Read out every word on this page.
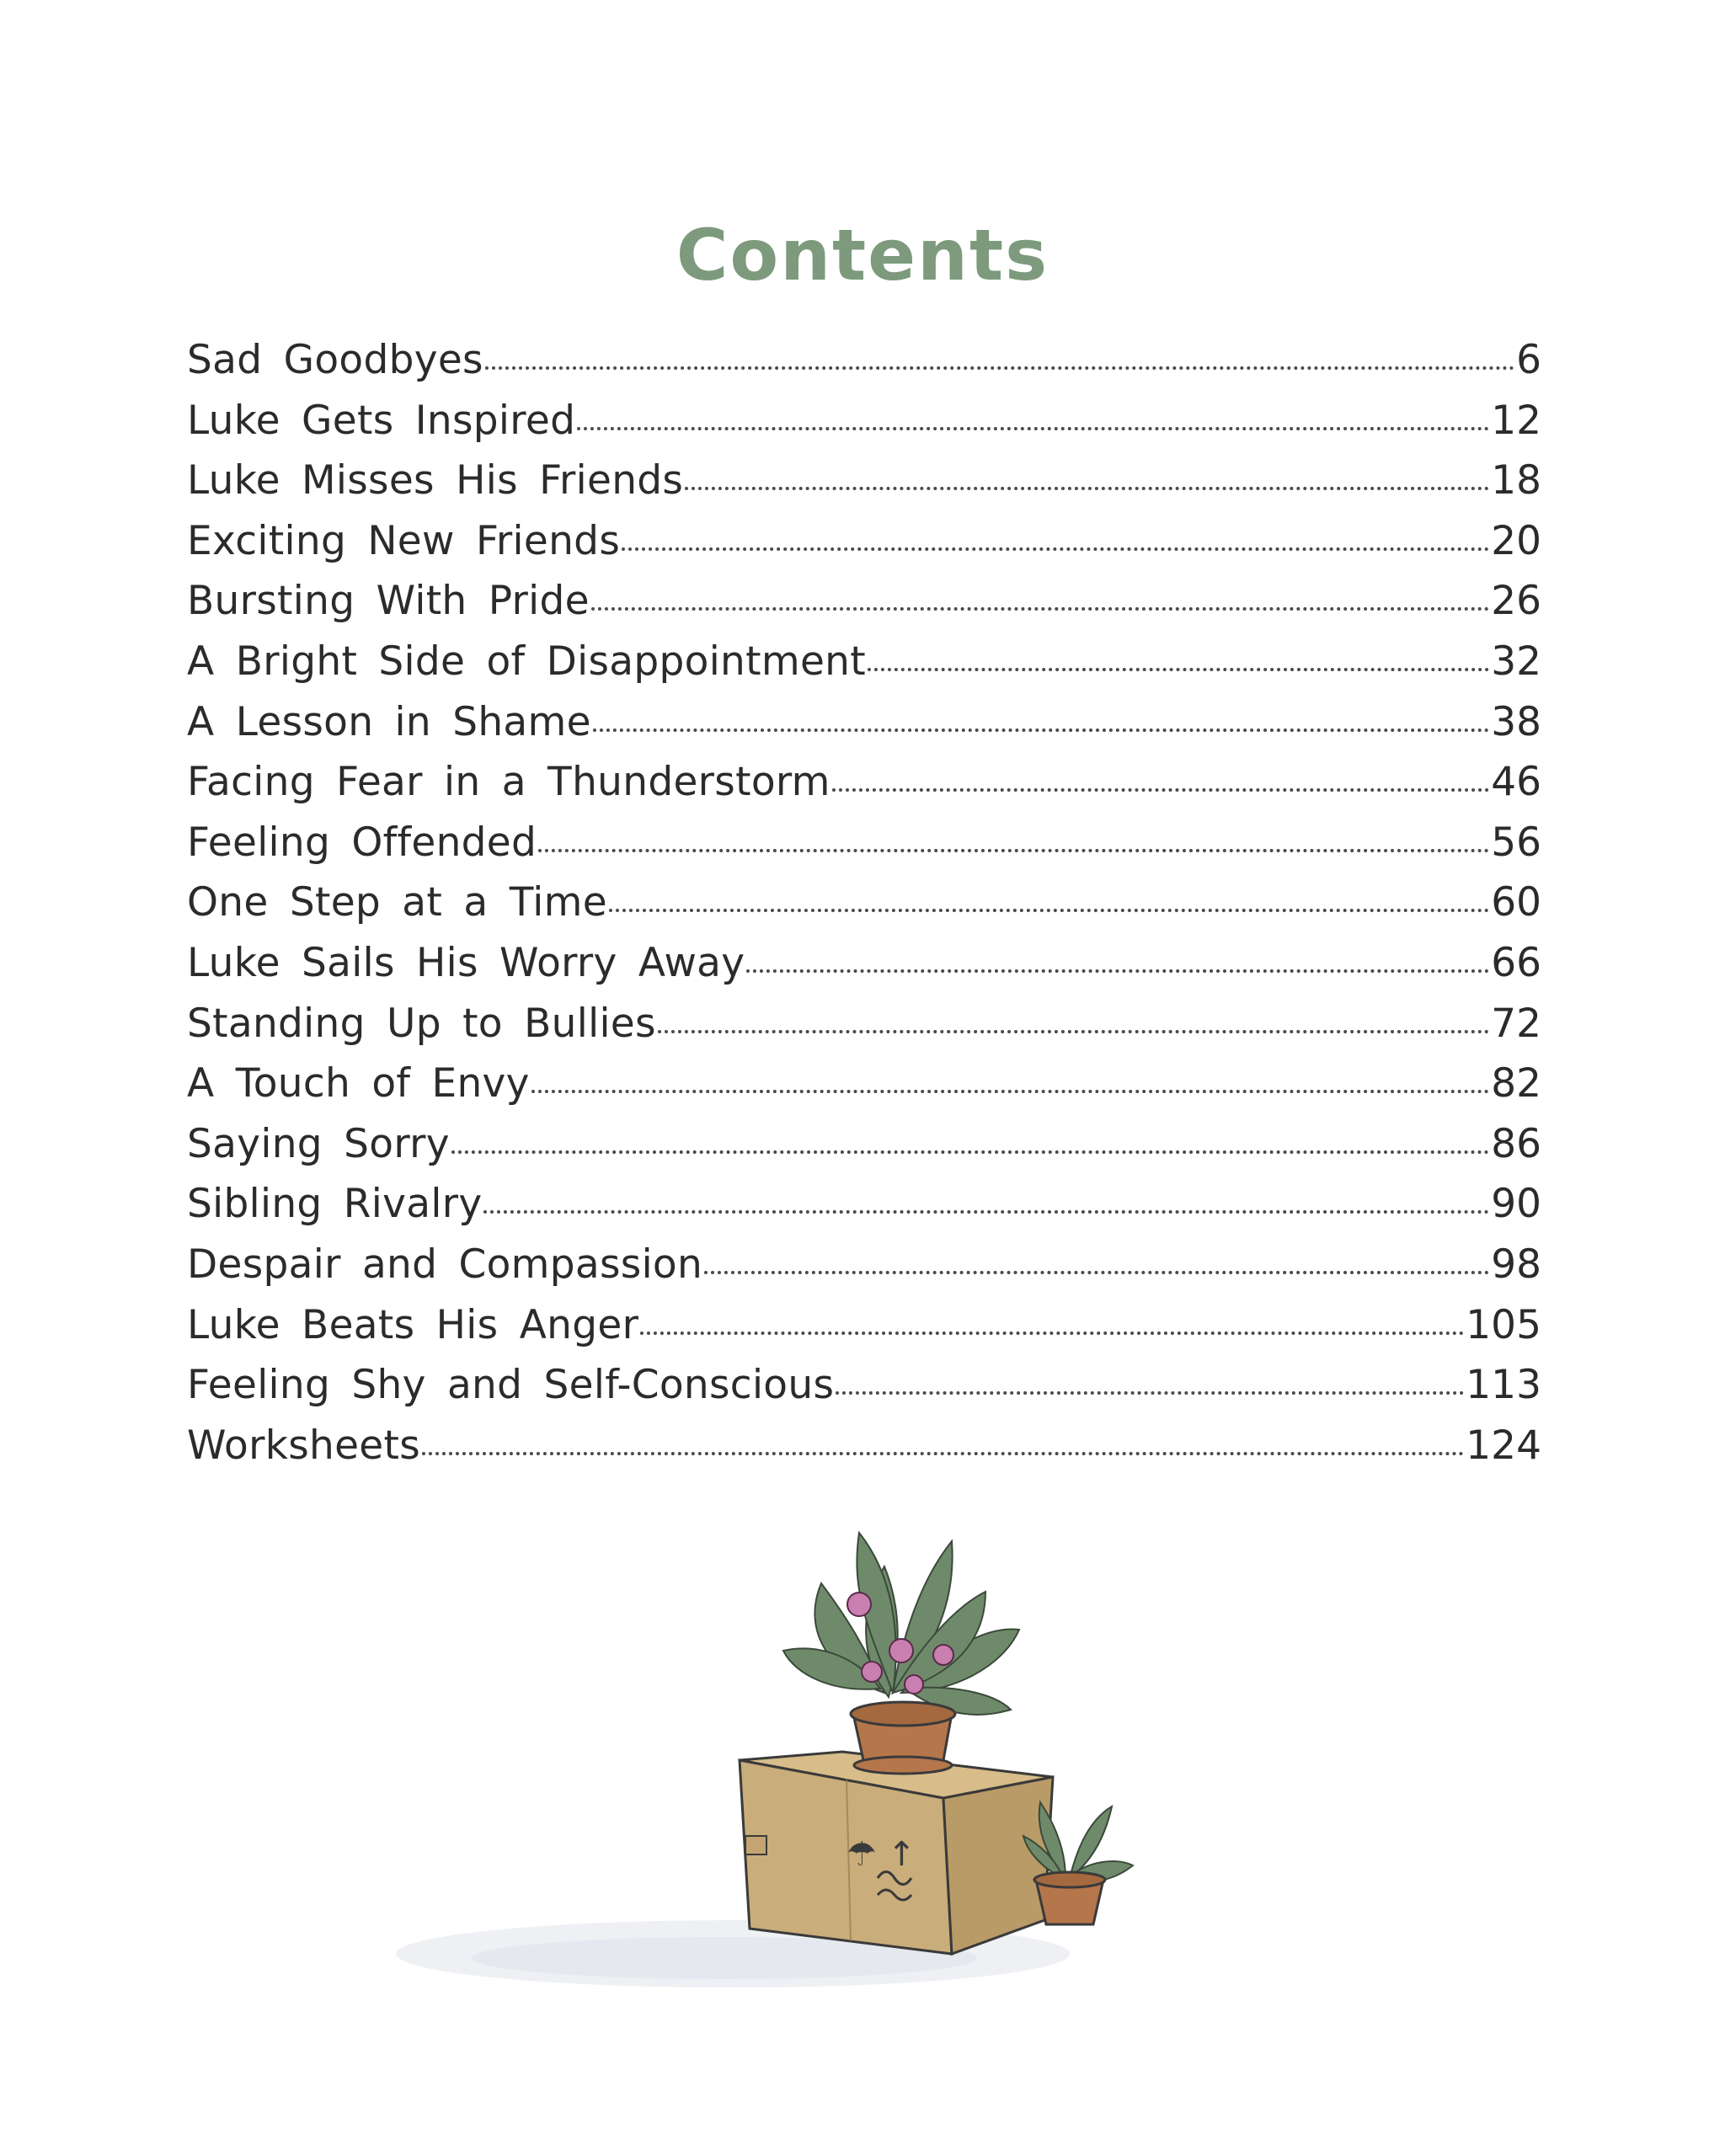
Contents
Sad Goodbyes	6
Luke Gets Inspired	12
Luke Misses His Friends	18
Exciting New Friends	20
Bursting With Pride	26
A Bright Side of Disappointment	32
A Lesson in Shame	38
Facing Fear in a Thunderstorm	46
Feeling Offended	56
One Step at a Time	60
Luke Sails His Worry Away	66
Standing Up to Bullies	72
A Touch of Envy	82
Saying Sorry	86
Sibling Rivalry	90
Despair and Compassion	98
Luke Beats His Anger	105
Feeling Shy and Self-Conscious	113
Worksheets	124
☂ ↑
